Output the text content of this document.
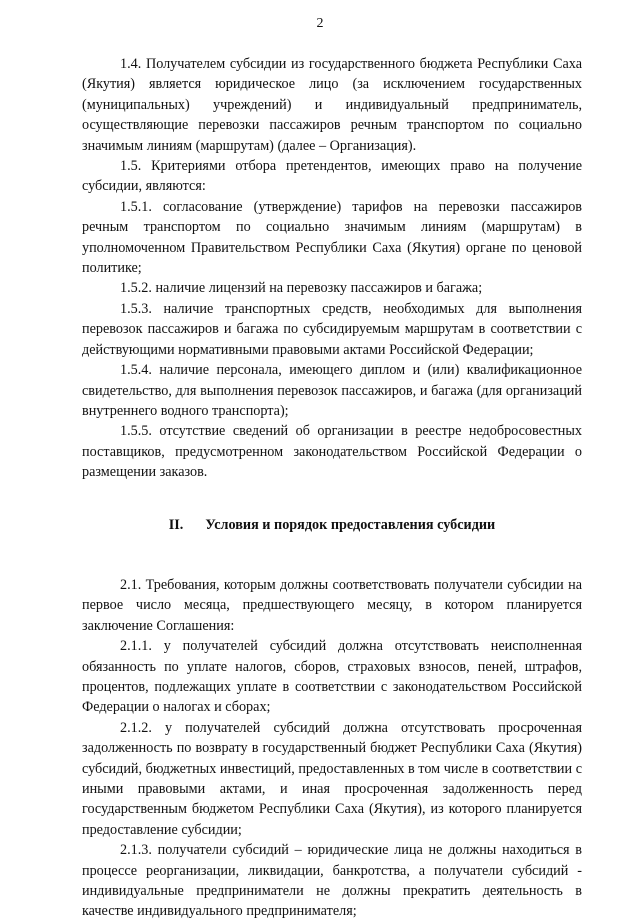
2

1.4. Получателем субсидии из государственного бюджета Республики Саха (Якутия) является юридическое лицо (за исключением государственных (муниципальных) учреждений) и индивидуальный предприниматель, осуществляющие перевозки пассажиров речным транспортом по социально значимым линиям (маршрутам) (далее – Организация).

1.5. Критериями отбора претендентов, имеющих право на получение субсидии, являются:

1.5.1. согласование (утверждение) тарифов на перевозки пассажиров речным транспортом по социально значимым линиям (маршрутам) в уполномоченном Правительством Республики Саха (Якутия) органе по ценовой политике;

1.5.2. наличие лицензий на перевозку пассажиров и багажа;

1.5.3. наличие транспортных средств, необходимых для выполнения перевозок пассажиров и багажа по субсидируемым маршрутам в соответствии с действующими нормативными правовыми актами Российской Федерации;

1.5.4. наличие персонала, имеющего диплом и (или) квалификационное свидетельство, для выполнения перевозок пассажиров, и багажа (для организаций внутреннего водного транспорта);

1.5.5. отсутствие сведений об организации в реестре недобросовестных поставщиков, предусмотренном законодательством Российской Федерации о размещении заказов.

II. Условия и порядок предоставления субсидии

2.1. Требования, которым должны соответствовать получатели субсидии на первое число месяца, предшествующего месяцу, в котором планируется заключение Соглашения:

2.1.1. у получателей субсидий должна отсутствовать неисполненная обязанность по уплате налогов, сборов, страховых взносов, пеней, штрафов, процентов, подлежащих уплате в соответствии с законодательством Российской Федерации о налогах и сборах;

2.1.2. у получателей субсидий должна отсутствовать просроченная задолженность по возврату в государственный бюджет Республики Саха (Якутия) субсидий, бюджетных инвестиций, предоставленных в том числе в соответствии с иными правовыми актами, и иная просроченная задолженность перед государственным бюджетом Республики Саха (Якутия), из которого планируется предоставление субсидии;

2.1.3. получатели субсидий – юридические лица не должны находиться в процессе реорганизации, ликвидации, банкротства, а получатели субсидий - индивидуальные предприниматели не должны прекратить деятельность в качестве индивидуального предпринимателя;
